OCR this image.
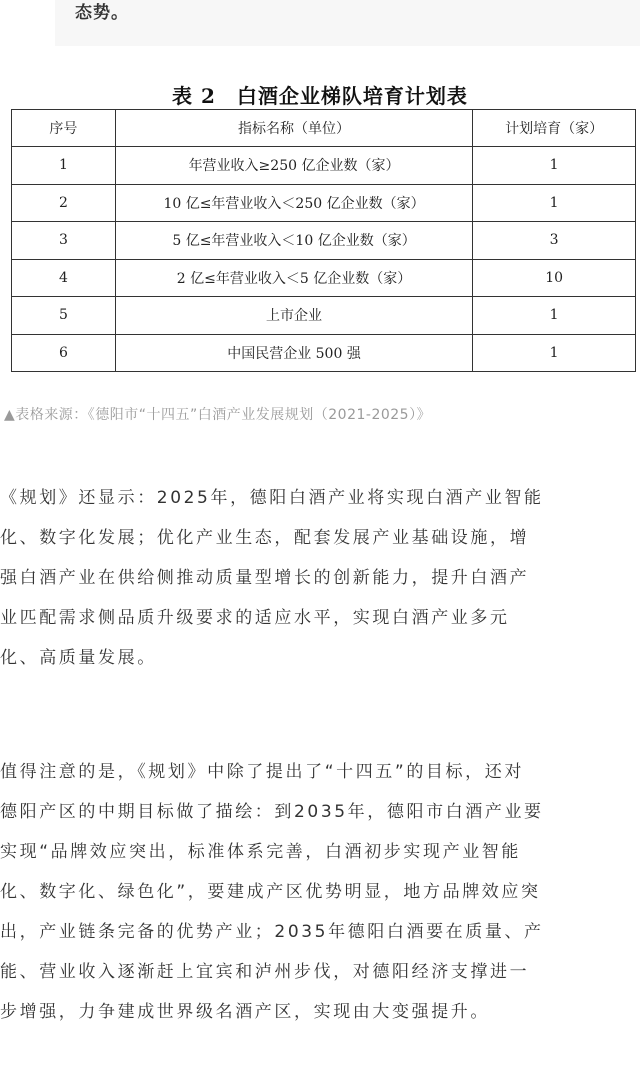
态势。
表 2　白酒企业梯队培育计划表
序号	指标名称（单位）	计划培育（家）
1	年营业收入≥250 亿企业数（家）	1
2	10 亿≤年营业收入＜250 亿企业数（家）	1
3	5 亿≤年营业收入＜10 亿企业数（家）	3
4	2 亿≤年营业收入＜5 亿企业数（家）	10
5	上市企业	1
6	中国民营企业 500 强	1
▲表格来源：《德阳市“十四五”白酒产业发展规划（2021-2025）》
《规划》还显示：2025年，德阳白酒产业将实现白酒产业智能
化、数字化发展；优化产业生态，配套发展产业基础设施，增
强白酒产业在供给侧推动质量型增长的创新能力，提升白酒产
业匹配需求侧品质升级要求的适应水平，实现白酒产业多元
化、高质量发展。
值得注意的是，《规划》中除了提出了“十四五”的目标，还对
德阳产区的中期目标做了描绘：到2035年，德阳市白酒产业要
实现“品牌效应突出，标准体系完善，白酒初步实现产业智能
化、数字化、绿色化”，要建成产区优势明显，地方品牌效应突
出，产业链条完备的优势产业；2035年德阳白酒要在质量、产
能、营业收入逐渐赶上宜宾和泸州步伐，对德阳经济支撑进一
步增强，力争建成世界级名酒产区，实现由大变强提升。
